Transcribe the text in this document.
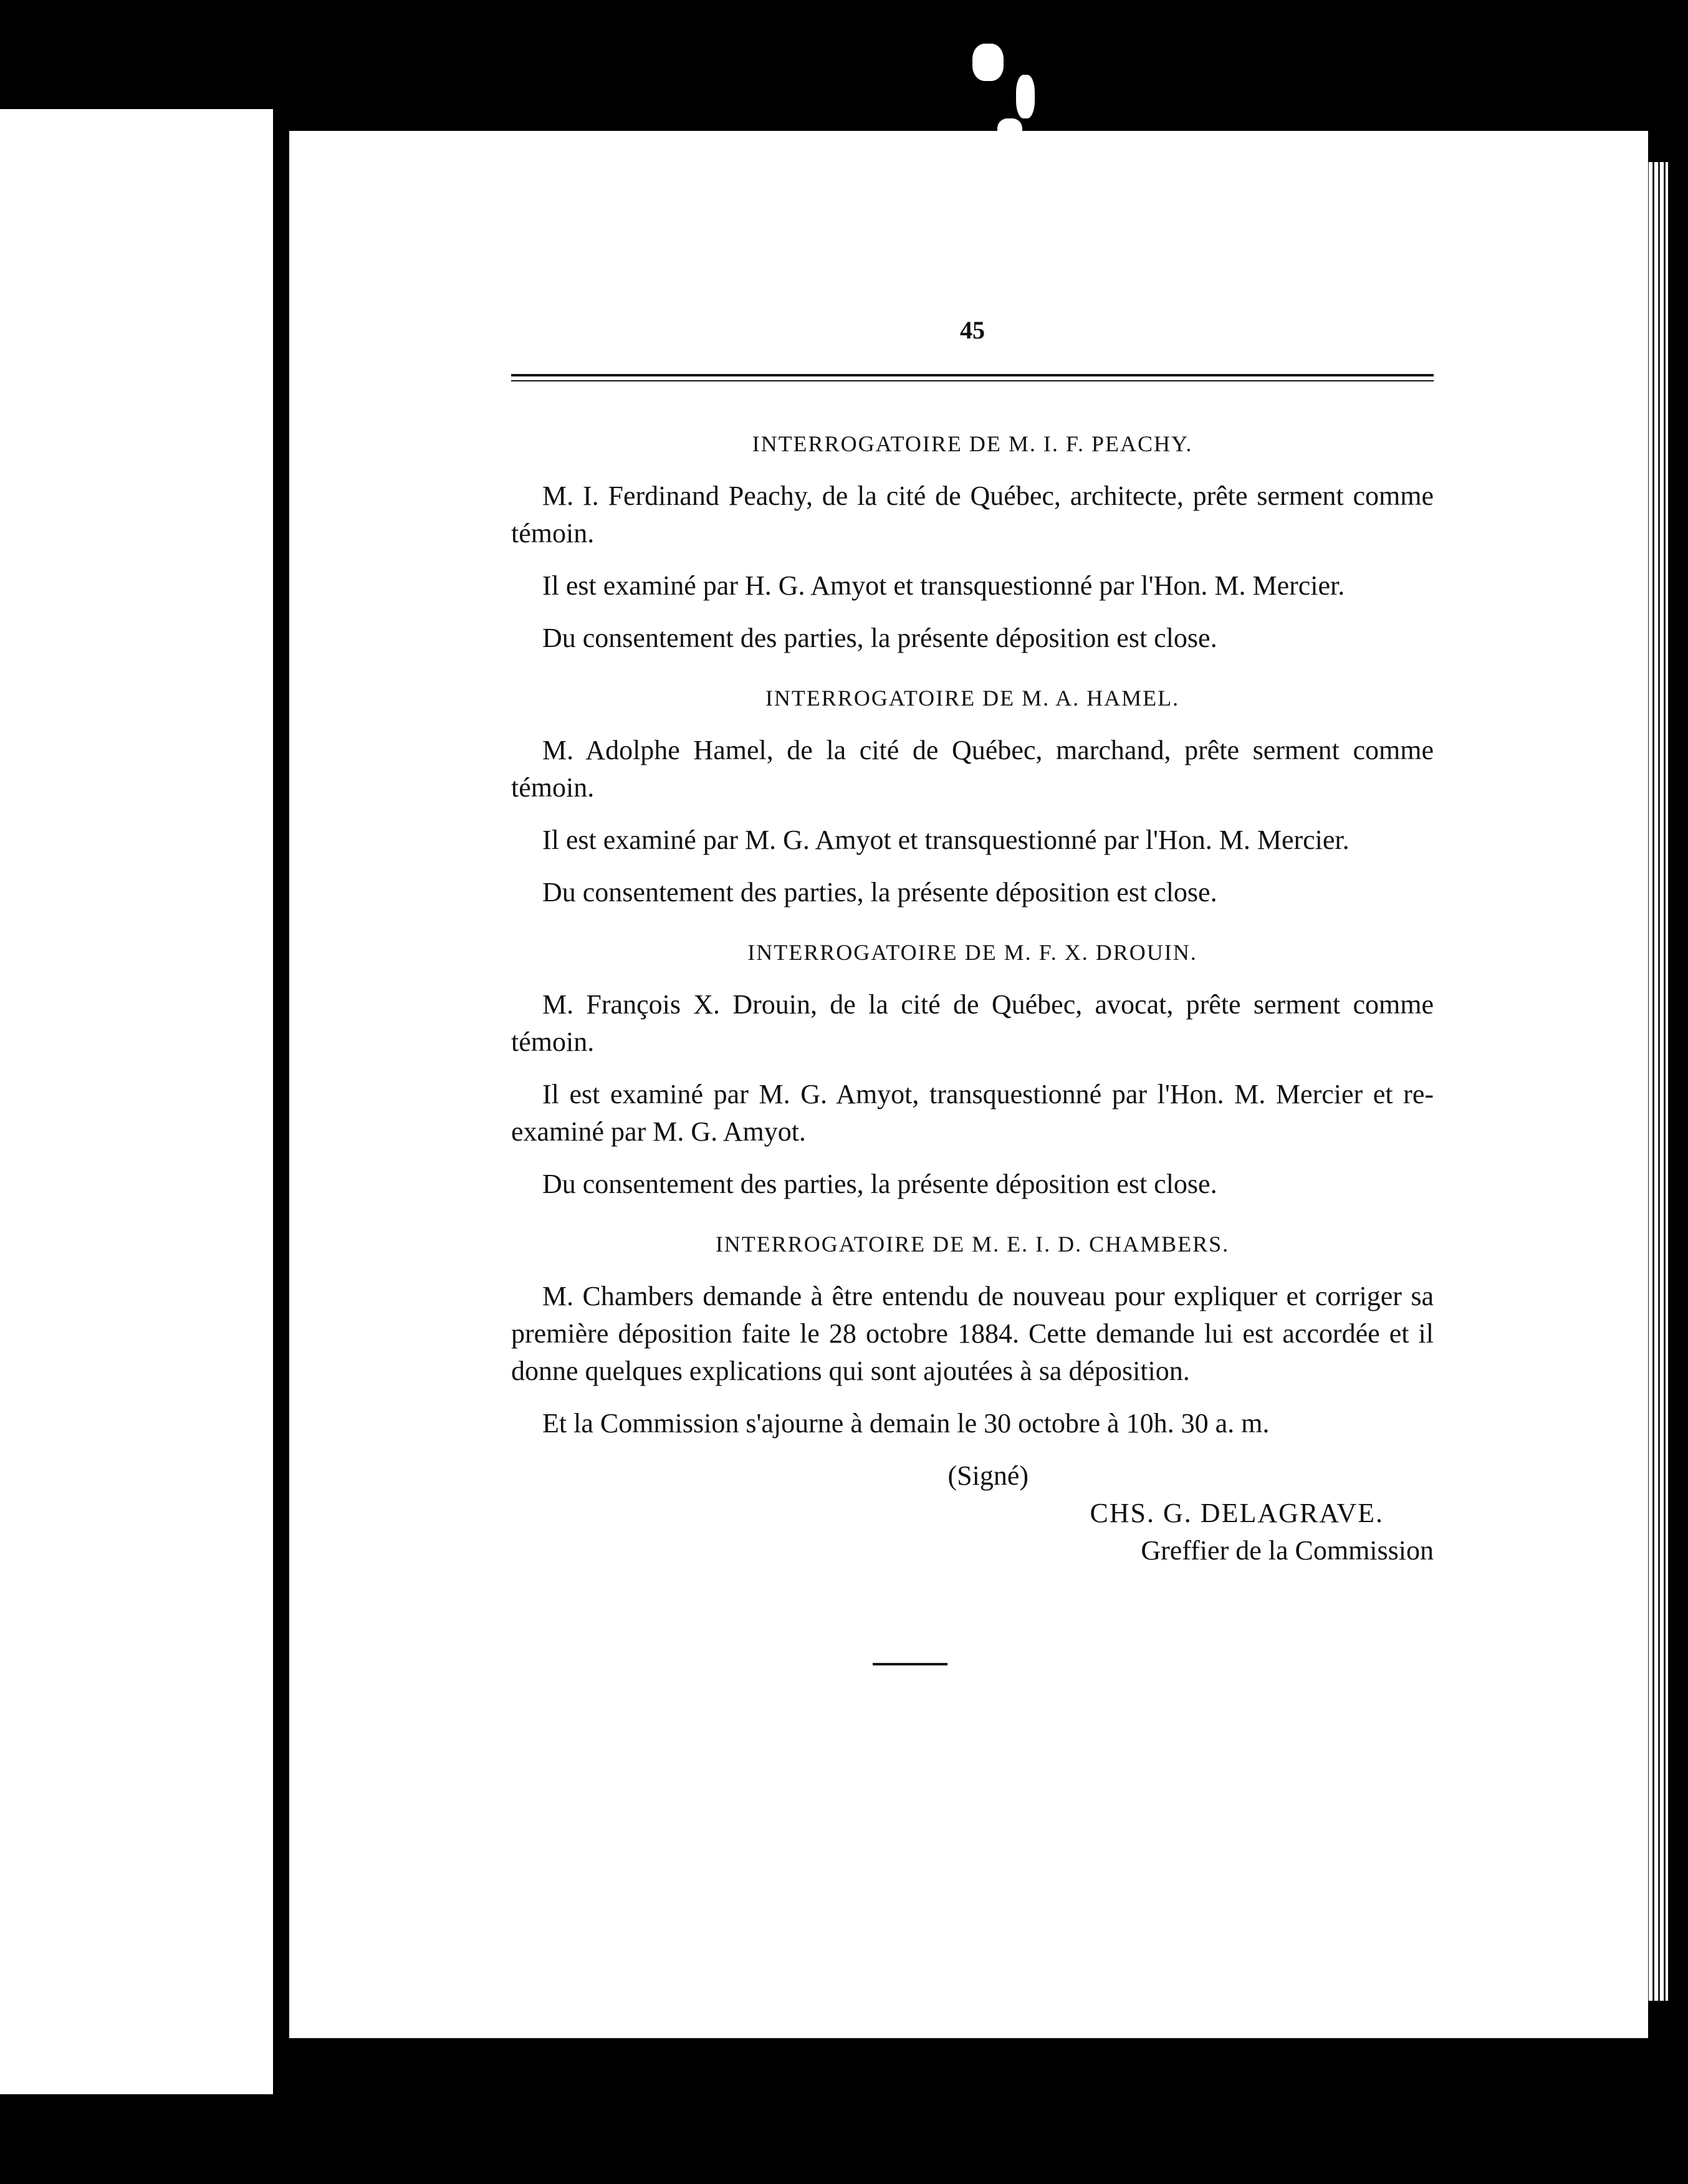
45
INTERROGATOIRE DE M. I. F. PEACHY.

M. I. Ferdinand Peachy, de la cité de Québec, architecte, prête serment comme témoin.

Il est examiné par H. G. Amyot et transquestionné par l'Hon. M. Mercier.

Du consentement des parties, la présente déposition est close.

INTERROGATOIRE DE M. A. HAMEL.

M. Adolphe Hamel, de la cité de Québec, marchand, prête serment comme témoin.

Il est examiné par M. G. Amyot et transquestionné par l'Hon. M. Mercier.

Du consentement des parties, la présente déposition est close.

INTERROGATOIRE DE M. F. X. DROUIN.

M. François X. Drouin, de la cité de Québec, avocat, prête serment comme témoin.

Il est examiné par M. G. Amyot, transquestionné par l'Hon. M. Mercier et re-examiné par M. G. Amyot.

Du consentement des parties, la présente déposition est close.

INTERROGATOIRE DE M. E. I. D. CHAMBERS.

M. Chambers demande à être entendu de nouveau pour expliquer et corriger sa première déposition faite le 28 octobre 1884. Cette demande lui est accordée et il donne quelques explications qui sont ajoutées à sa déposition.

Et la Commission s'ajourne à demain le 30 octobre à 10h. 30 a. m.

(Signé)
CHS. G. DELAGRAVE.
Greffier de la Commission
